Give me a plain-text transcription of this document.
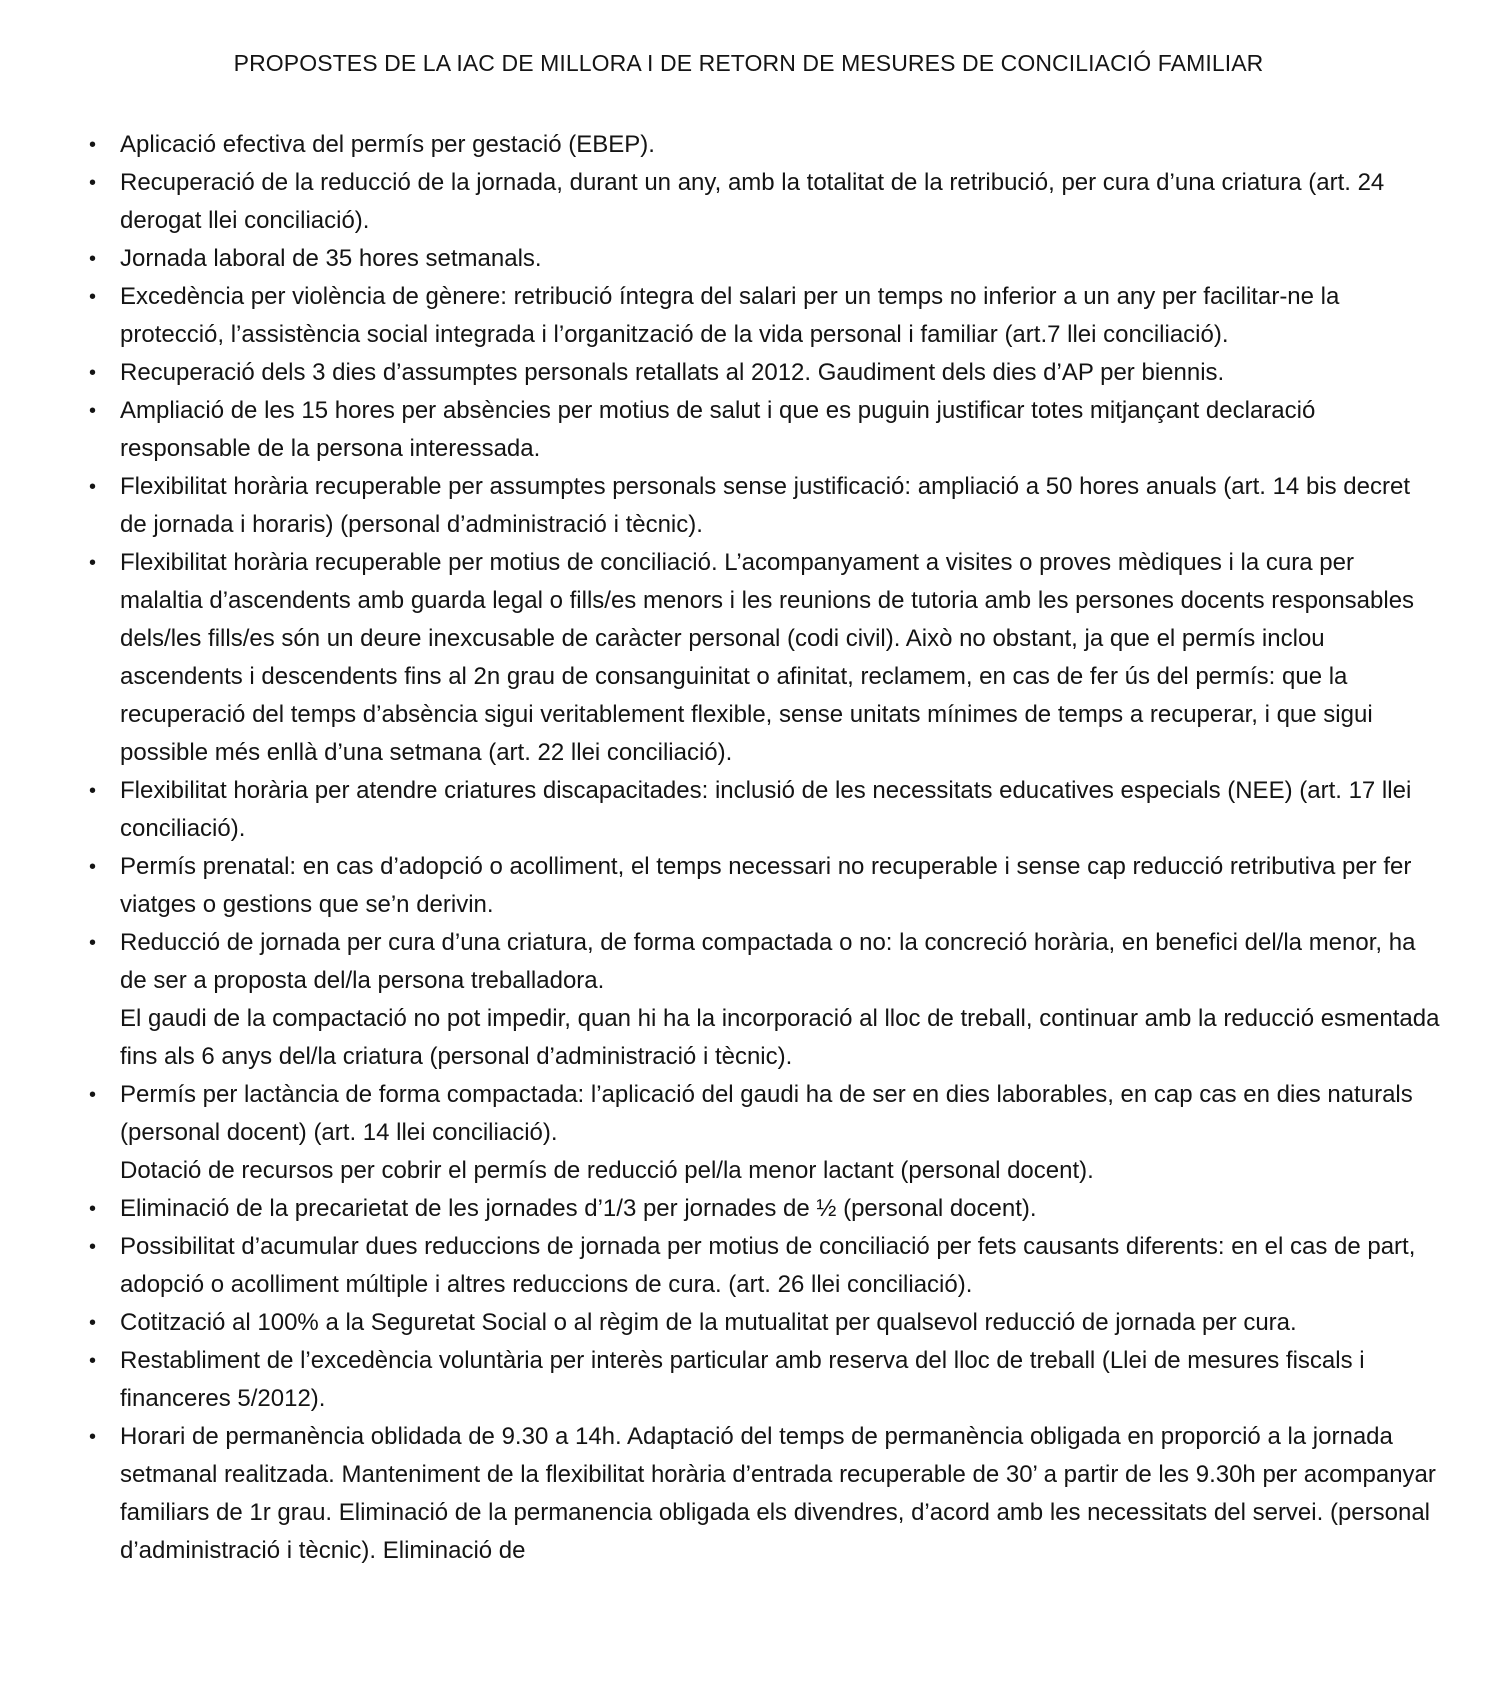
PROPOSTES DE LA IAC DE MILLORA I DE RETORN DE MESURES DE CONCILIACIÓ FAMILIAR
• Aplicació efectiva del permís per gestació (EBEP).
• Recuperació de la reducció de la jornada, durant un any, amb la totalitat de la retribució, per cura d’una criatura (art. 24 derogat llei conciliació).
• Jornada laboral de 35 hores setmanals.
• Excedència per violència de gènere: retribució íntegra del salari per un temps no inferior a un any per facilitar-ne la protecció, l’assistència social integrada i l’organització de la vida personal i familiar (art.7 llei conciliació).
• Recuperació dels 3 dies d’assumptes personals retallats al 2012. Gaudiment dels dies d’AP per biennis.
• Ampliació de les 15 hores per absències per motius de salut i que es puguin justificar totes mitjançant declaració responsable de la persona interessada.
• Flexibilitat horària recuperable per assumptes personals sense justificació: ampliació a 50 hores anuals (art. 14 bis decret de jornada i horaris) (personal d’administració i tècnic).
• Flexibilitat horària recuperable per motius de conciliació. L’acompanyament a visites o proves mèdiques i la cura per malaltia d’ascendents amb guarda legal o fills/es menors i les reunions de tutoria amb les persones docents responsables dels/les fills/es són un deure inexcusable de caràcter personal (codi civil). Això no obstant, ja que el permís inclou ascendents i descendents fins al 2n grau de consanguinitat o afinitat, reclamem, en cas de fer ús del permís: que la recuperació del temps d’absència sigui veritablement flexible, sense unitats mínimes de temps a recuperar, i que sigui possible més enllà d’una setmana (art. 22 llei conciliació).
• Flexibilitat horària per atendre criatures discapacitades: inclusió de les necessitats educatives especials (NEE) (art. 17 llei conciliació).
• Permís prenatal: en cas d’adopció o acolliment, el temps necessari no recuperable i sense cap reducció retributiva per fer viatges o gestions que se’n derivin.
• Reducció de jornada per cura d’una criatura, de forma compactada o no: la concreció horària, en benefici del/la menor, ha de ser a proposta del/la persona treballadora.
El gaudi de la compactació no pot impedir, quan hi ha la incorporació al lloc de treball, continuar amb la reducció esmentada fins als 6 anys del/la criatura (personal d’administració i tècnic).
• Permís per lactància de forma compactada: l’aplicació del gaudi ha de ser en dies laborables, en cap cas en dies naturals (personal docent) (art. 14 llei conciliació).
Dotació de recursos per cobrir el permís de reducció pel/la menor lactant (personal docent).
• Eliminació de la precarietat de les jornades d’1/3 per jornades de ½ (personal docent).
• Possibilitat d’acumular dues reduccions de jornada per motius de conciliació per fets causants diferents: en el cas de part, adopció o acolliment múltiple i altres reduccions de cura. (art. 26 llei conciliació).
• Cotització al 100% a la Seguretat Social o al règim de la mutualitat per qualsevol reducció de jornada per cura.
• Restabliment de l’excedència voluntària per interès particular amb reserva del lloc de treball (Llei de mesures fiscals i financeres 5/2012).
• Horari de permanència oblidada de 9.30 a 14h. Adaptació del temps de permanència obligada en proporció a la jornada setmanal realitzada. Manteniment de la flexibilitat horària d’entrada recuperable de 30’ a partir de les 9.30h per acompanyar familiars de 1r grau. Eliminació de la permanencia obligada els divendres, d’acord amb les necessitats del servei. (personal d’administració i tècnic). Eliminació de
